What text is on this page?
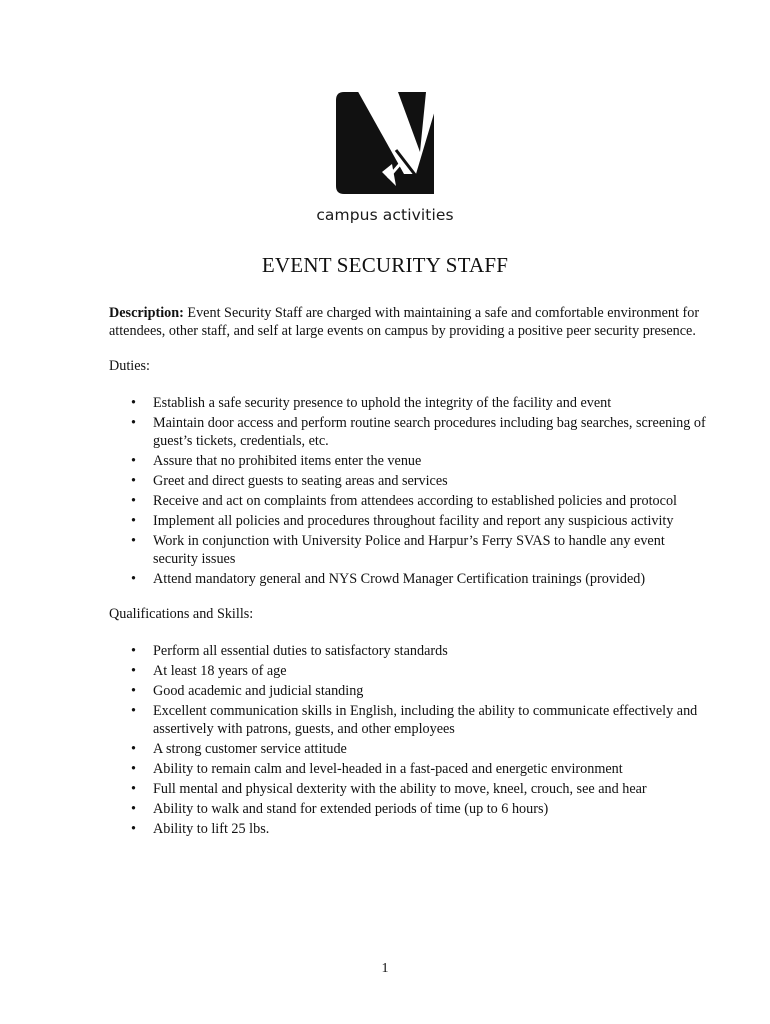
campus activities
EVENT SECURITY STAFF

Description: Event Security Staff are charged with maintaining a safe and comfortable environment for attendees, other staff, and self at large events on campus by providing a positive peer security presence.

Duties:
• Establish a safe security presence to uphold the integrity of the facility and event
• Maintain door access and perform routine search procedures including bag searches, screening of guest’s tickets, credentials, etc.
• Assure that no prohibited items enter the venue
• Greet and direct guests to seating areas and services
• Receive and act on complaints from attendees according to established policies and protocol
• Implement all policies and procedures throughout facility and report any suspicious activity
• Work in conjunction with University Police and Harpur’s Ferry SVAS to handle any event security issues
• Attend mandatory general and NYS Crowd Manager Certification trainings (provided)
Qualifications and Skills:
• Perform all essential duties to satisfactory standards
• At least 18 years of age
• Good academic and judicial standing
• Excellent communication skills in English, including the ability to communicate effectively and assertively with patrons, guests, and other employees
• A strong customer service attitude
• Ability to remain calm and level-headed in a fast-paced and energetic environment
• Full mental and physical dexterity with the ability to move, kneel, crouch, see and hear
• Ability to walk and stand for extended periods of time (up to 6 hours)
• Ability to lift 25 lbs.
1
